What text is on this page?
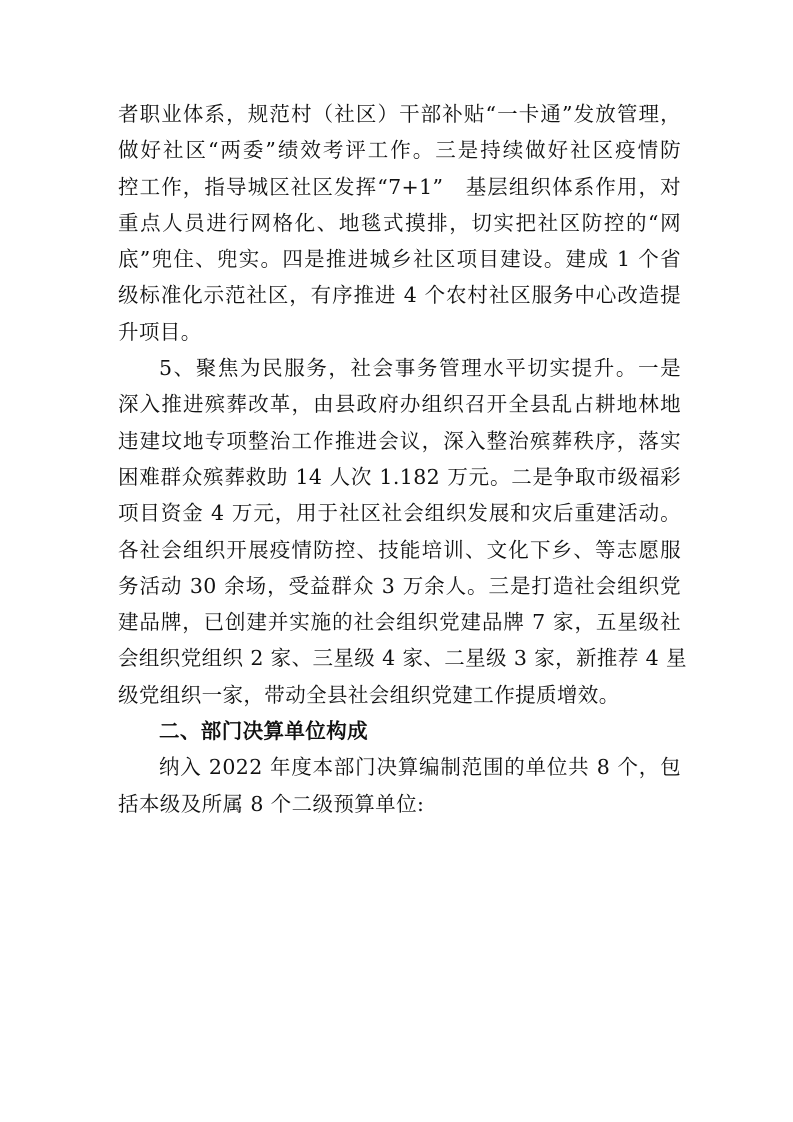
者职业体系，规范村（社区）干部补贴“一卡通”发放管理，
做好社区“两委”绩效考评工作。三是持续做好社区疫情防
控工作，指导城区社区发挥“7+1”　基层组织体系作用，对
重点人员进行网格化、地毯式摸排，切实把社区防控的“网
底”兜住、兜实。四是推进城乡社区项目建设。建成 1 个省
级标准化示范社区，有序推进 4 个农村社区服务中心改造提
升项目。
5、聚焦为民服务，社会事务管理水平切实提升。一是
深入推进殡葬改革，由县政府办组织召开全县乱占耕地林地
违建坟地专项整治工作推进会议，深入整治殡葬秩序，落实
困难群众殡葬救助 14 人次 1.182 万元。二是争取市级福彩
项目资金 4 万元，用于社区社会组织发展和灾后重建活动。
各社会组织开展疫情防控、技能培训、文化下乡、等志愿服
务活动 30 余场，受益群众 3 万余人。三是打造社会组织党
建品牌，已创建并实施的社会组织党建品牌 7 家，五星级社
会组织党组织 2 家、三星级 4 家、二星级 3 家，新推荐 4 星
级党组织一家，带动全县社会组织党建工作提质增效。
二、部门决算单位构成
纳入 2022 年度本部门决算编制范围的单位共 8 个，包
括本级及所属 8 个二级预算单位:
